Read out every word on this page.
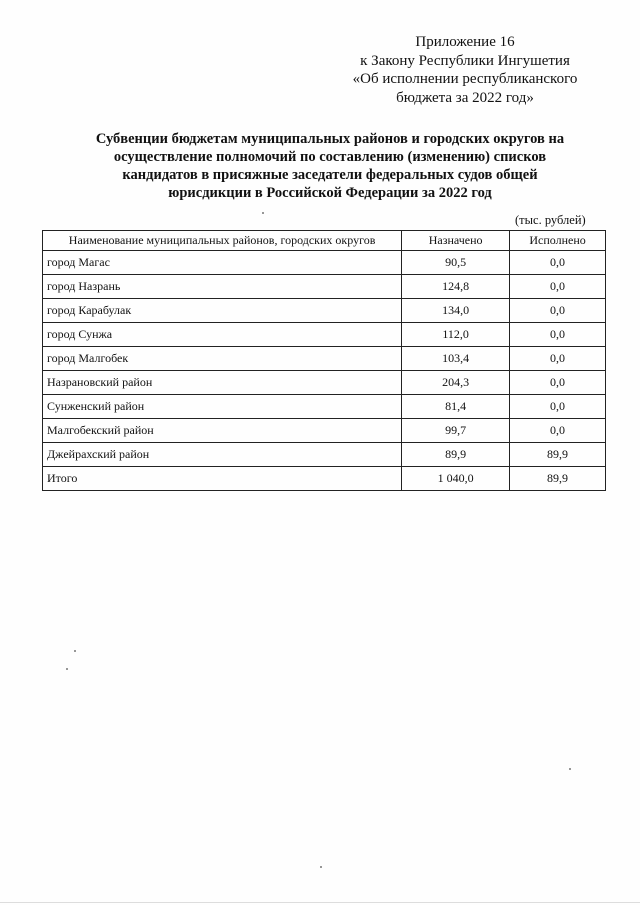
Приложение 16
к Закону Республики Ингушетия
«Об исполнении республиканского
бюджета за 2022 год»
Субвенции бюджетам муниципальных районов и городских округов на
осуществление полномочий по составлению (изменению) списков
кандидатов в присяжные заседатели федеральных судов общей
юрисдикции в Российской Федерации за 2022 год
(тыс. рублей)
Наименование муниципальных районов, городских округов	Назначено	Исполнено
город Магас	90,5	0,0
город Назрань	124,8	0,0
город Карабулак	134,0	0,0
город Сунжа	112,0	0,0
город Малгобек	103,4	0,0
Назрановский район	204,3	0,0
Сунженский район	81,4	0,0
Малгобекский район	99,7	0,0
Джейрахский район	89,9	89,9
Итого	1 040,0	89,9
